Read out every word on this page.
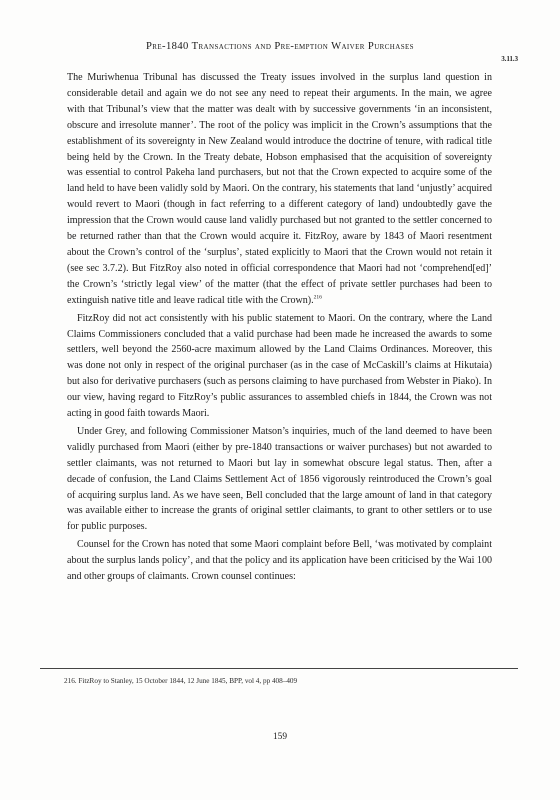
Pre-1840 Transactions and Pre-emption Waiver Purchases
3.11.3

The Muriwhenua Tribunal has discussed the Treaty issues involved in the surplus land question in considerable detail and again we do not see any need to repeat their arguments. In the main, we agree with that Tribunal’s view that the matter was dealt with by successive governments ‘in an inconsistent, obscure and irresolute manner’. The root of the policy was implicit in the Crown’s assumptions that the establishment of its sovereignty in New Zealand would introduce the doctrine of tenure, with radical title being held by the Crown. In the Treaty debate, Hobson emphasised that the acquisition of sovereignty was essential to control Pakeha land purchasers, but not that the Crown expected to acquire some of the land held to have been validly sold by Maori. On the contrary, his statements that land ‘unjustly’ acquired would revert to Maori (though in fact referring to a different category of land) undoubtedly gave the impression that the Crown would cause land validly purchased but not granted to the settler concerned to be returned rather than that the Crown would acquire it. FitzRoy, aware by 1843 of Maori resentment about the Crown’s control of the ‘surplus’, stated explicitly to Maori that the Crown would not retain it (see sec 3.7.2). But FitzRoy also noted in official correspondence that Maori had not ‘comprehend[ed]’ the Crown’s ‘strictly legal view’ of the matter (that the effect of private settler purchases had been to extinguish native title and leave radical title with the Crown).$^{216}$

FitzRoy did not act consistently with his public statement to Maori. On the contrary, where the Land Claims Commissioners concluded that a valid purchase had been made he increased the awards to some settlers, well beyond the 2560-acre maximum allowed by the Land Claims Ordinances. Moreover, this was done not only in respect of the original purchaser (as in the case of McCaskill’s claims at Hikutaia) but also for derivative purchasers (such as persons claiming to have purchased from Webster in Piako). In our view, having regard to FitzRoy’s public assurances to assembled chiefs in 1844, the Crown was not acting in good faith towards Maori.

Under Grey, and following Commissioner Matson’s inquiries, much of the land deemed to have been validly purchased from Maori (either by pre-1840 transactions or waiver purchases) but not awarded to settler claimants, was not returned to Maori but lay in somewhat obscure legal status. Then, after a decade of confusion, the Land Claims Settlement Act of 1856 vigorously reintroduced the Crown’s goal of acquiring surplus land. As we have seen, Bell concluded that the large amount of land in that category was available either to increase the grants of original settler claimants, to grant to other settlers or to use for public purposes.

Counsel for the Crown has noted that some Maori complaint before Bell, ‘was motivated by complaint about the surplus lands policy’, and that the policy and its application have been criticised by the Wai 100 and other groups of claimants. Crown counsel continues:

216. FitzRoy to Stanley, 15 October 1844, 12 June 1845, BPP, vol 4, pp 408–409
159
